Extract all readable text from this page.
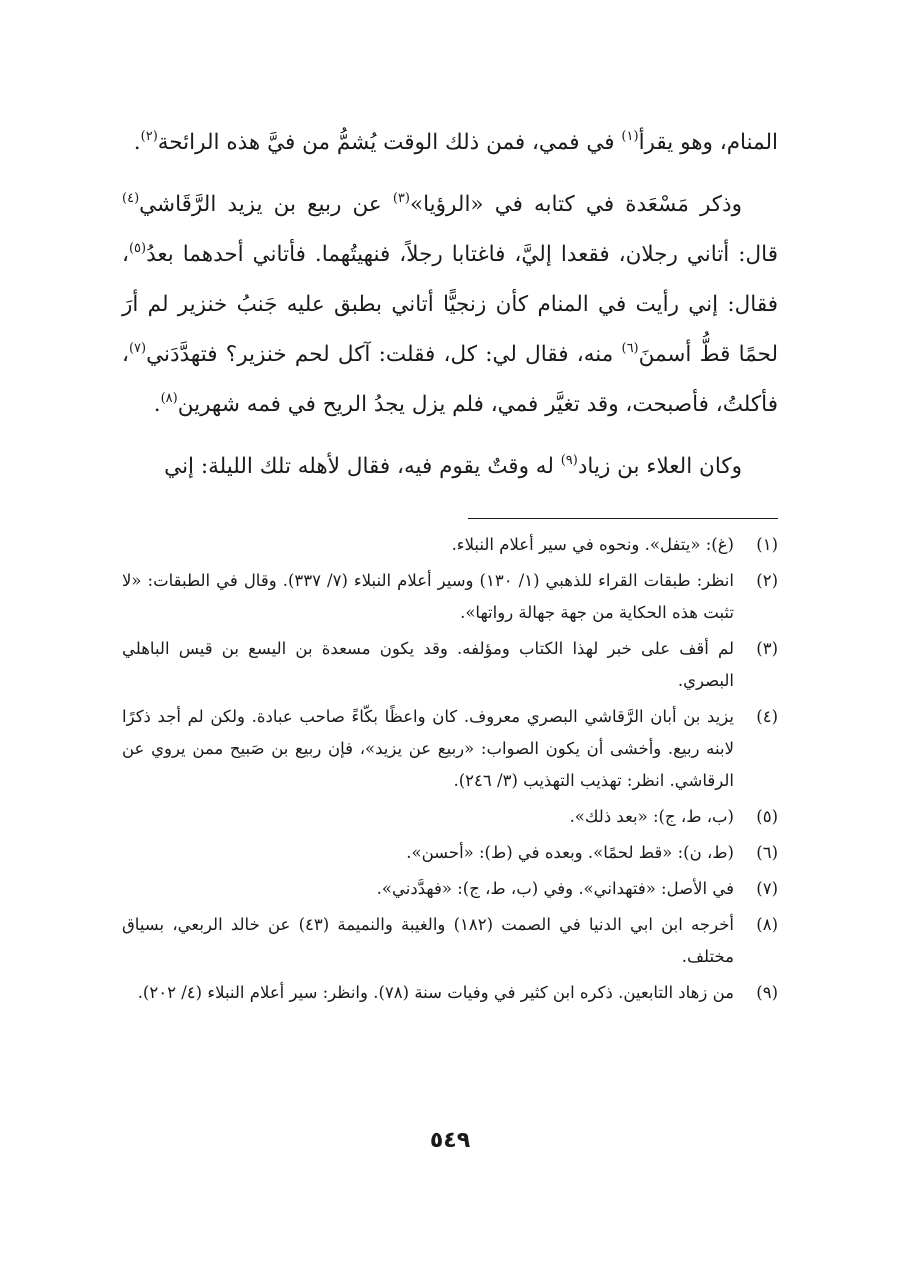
المنام، وهو يقرأ$^{(١)}$ في فمي، فمن ذلك الوقت يُشمُّ من فيَّ هذه الرائحة$^{(٢)}$.

وذكر مَسْعَدة في كتابه في «الرؤيا»$^{(٣)}$ عن ربيع بن يزيد الرَّقَاشي$^{(٤)}$ قال: أتاني رجلان، فقعدا إليَّ، فاغتابا رجلاً، فنهيتُهما. فأتاني أحدهما بعدُ$^{(٥)}$، فقال: إني رأيت في المنام كأن زنجيًّا أتاني بطبق عليه جَنبُ خنزير لم أرَ لحمًا قطُّ أسمنَ$^{(٦)}$ منه، فقال لي: كل، فقلت: آكل لحم خنزير؟ فتهدَّدَني$^{(٧)}$، فأكلتُ، فأصبحت، وقد تغيَّر فمي، فلم يزل يجدُ الريح في فمه شهرين$^{(٨)}$.

وكان العلاء بن زياد$^{(٩)}$ له وقتٌ يقوم فيه، فقال لأهله تلك الليلة: إني

(١)
(غ): «يتفل». ونحوه في سير أعلام النبلاء.
(٢)
انظر: طبقات القراء للذهبي (١/ ١٣٠) وسير أعلام النبلاء (٧/ ٣٣٧). وقال في الطبقات: «لا تثبت هذه الحكاية من جهة جهالة رواتها».
(٣)
لم أقف على خبر لهذا الكتاب ومؤلفه. وقد يكون مسعدة بن اليسع بن قيس الباهلي البصري.
(٤)
يزيد بن أبان الرَّقاشي البصري معروف. كان واعظًا بكّاءً صاحب عبادة. ولكن لم أجد ذكرًا لابنه ربيع. وأخشى أن يكون الصواب: «ربيع عن يزيد»، فإن ربيع بن صَبيح ممن يروي عن الرقاشي. انظر: تهذيب التهذيب (٣/ ٢٤٦).
(٥)
(ب، ط، ج): «بعد ذلك».
(٦)
(ط، ن): «قط لحمًا». وبعده في (ط): «أحسن».
(٧)
في الأصل: «فتهداني». وفي (ب، ط، ج): «فهدَّدني».
(٨)
أخرجه ابن ابي الدنيا في الصمت (١٨٢) والغيبة والنميمة (٤٣) عن خالد الربعي، بسياق مختلف.
(٩)
من زهاد التابعين. ذكره ابن كثير في وفيات سنة (٧٨). وانظر: سير أعلام النبلاء (٤/ ٢٠٢).
٥٤٩
